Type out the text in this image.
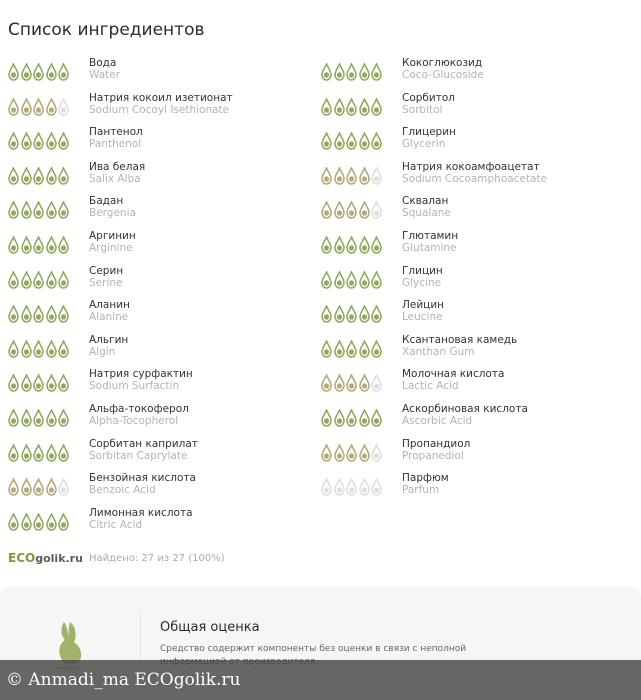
Список ингредиентов
Вода
Water
Натрия кокоил изетионат
Sodium Cocoyl Isethionate
Пантенол
Panthenol
Ива белая
Salix Alba
Бадан
Bergenia
Аргинин
Arginine
Серин
Serine
Аланин
Alanine
Альгин
Algin
Натрия сурфактин
Sodium Surfactin
Альфа-токоферол
Alpha-Tocopherol
Сорбитан каприлат
Sorbitan Caprylate
Бензойная кислота
Benzoic Acid
Лимонная кислота
Citric Acid
Кокоглюкозид
Coco-Glucoside
Сорбитол
Sorbitol
Глицерин
Glycerin
Натрия кокоамфоацетат
Sodium Cocoamphoacetate
Сквалан
Squalane
Глютамин
Glutamine
Глицин
Glycine
Лейцин
Leucine
Ксантановая камедь
Xanthan Gum
Молочная кислота
Lactic Acid
Аскорбиновая кислота
Ascorbic Acid
Пропандиол
Propanediol
Парфюм
Parfum
ECO golik.ru Найдено: 27 из 27 (100%)
Общая оценка
Средство содержит компоненты без оценки в связи с неполной
© Anmadi_ma ECOgolik.ru
